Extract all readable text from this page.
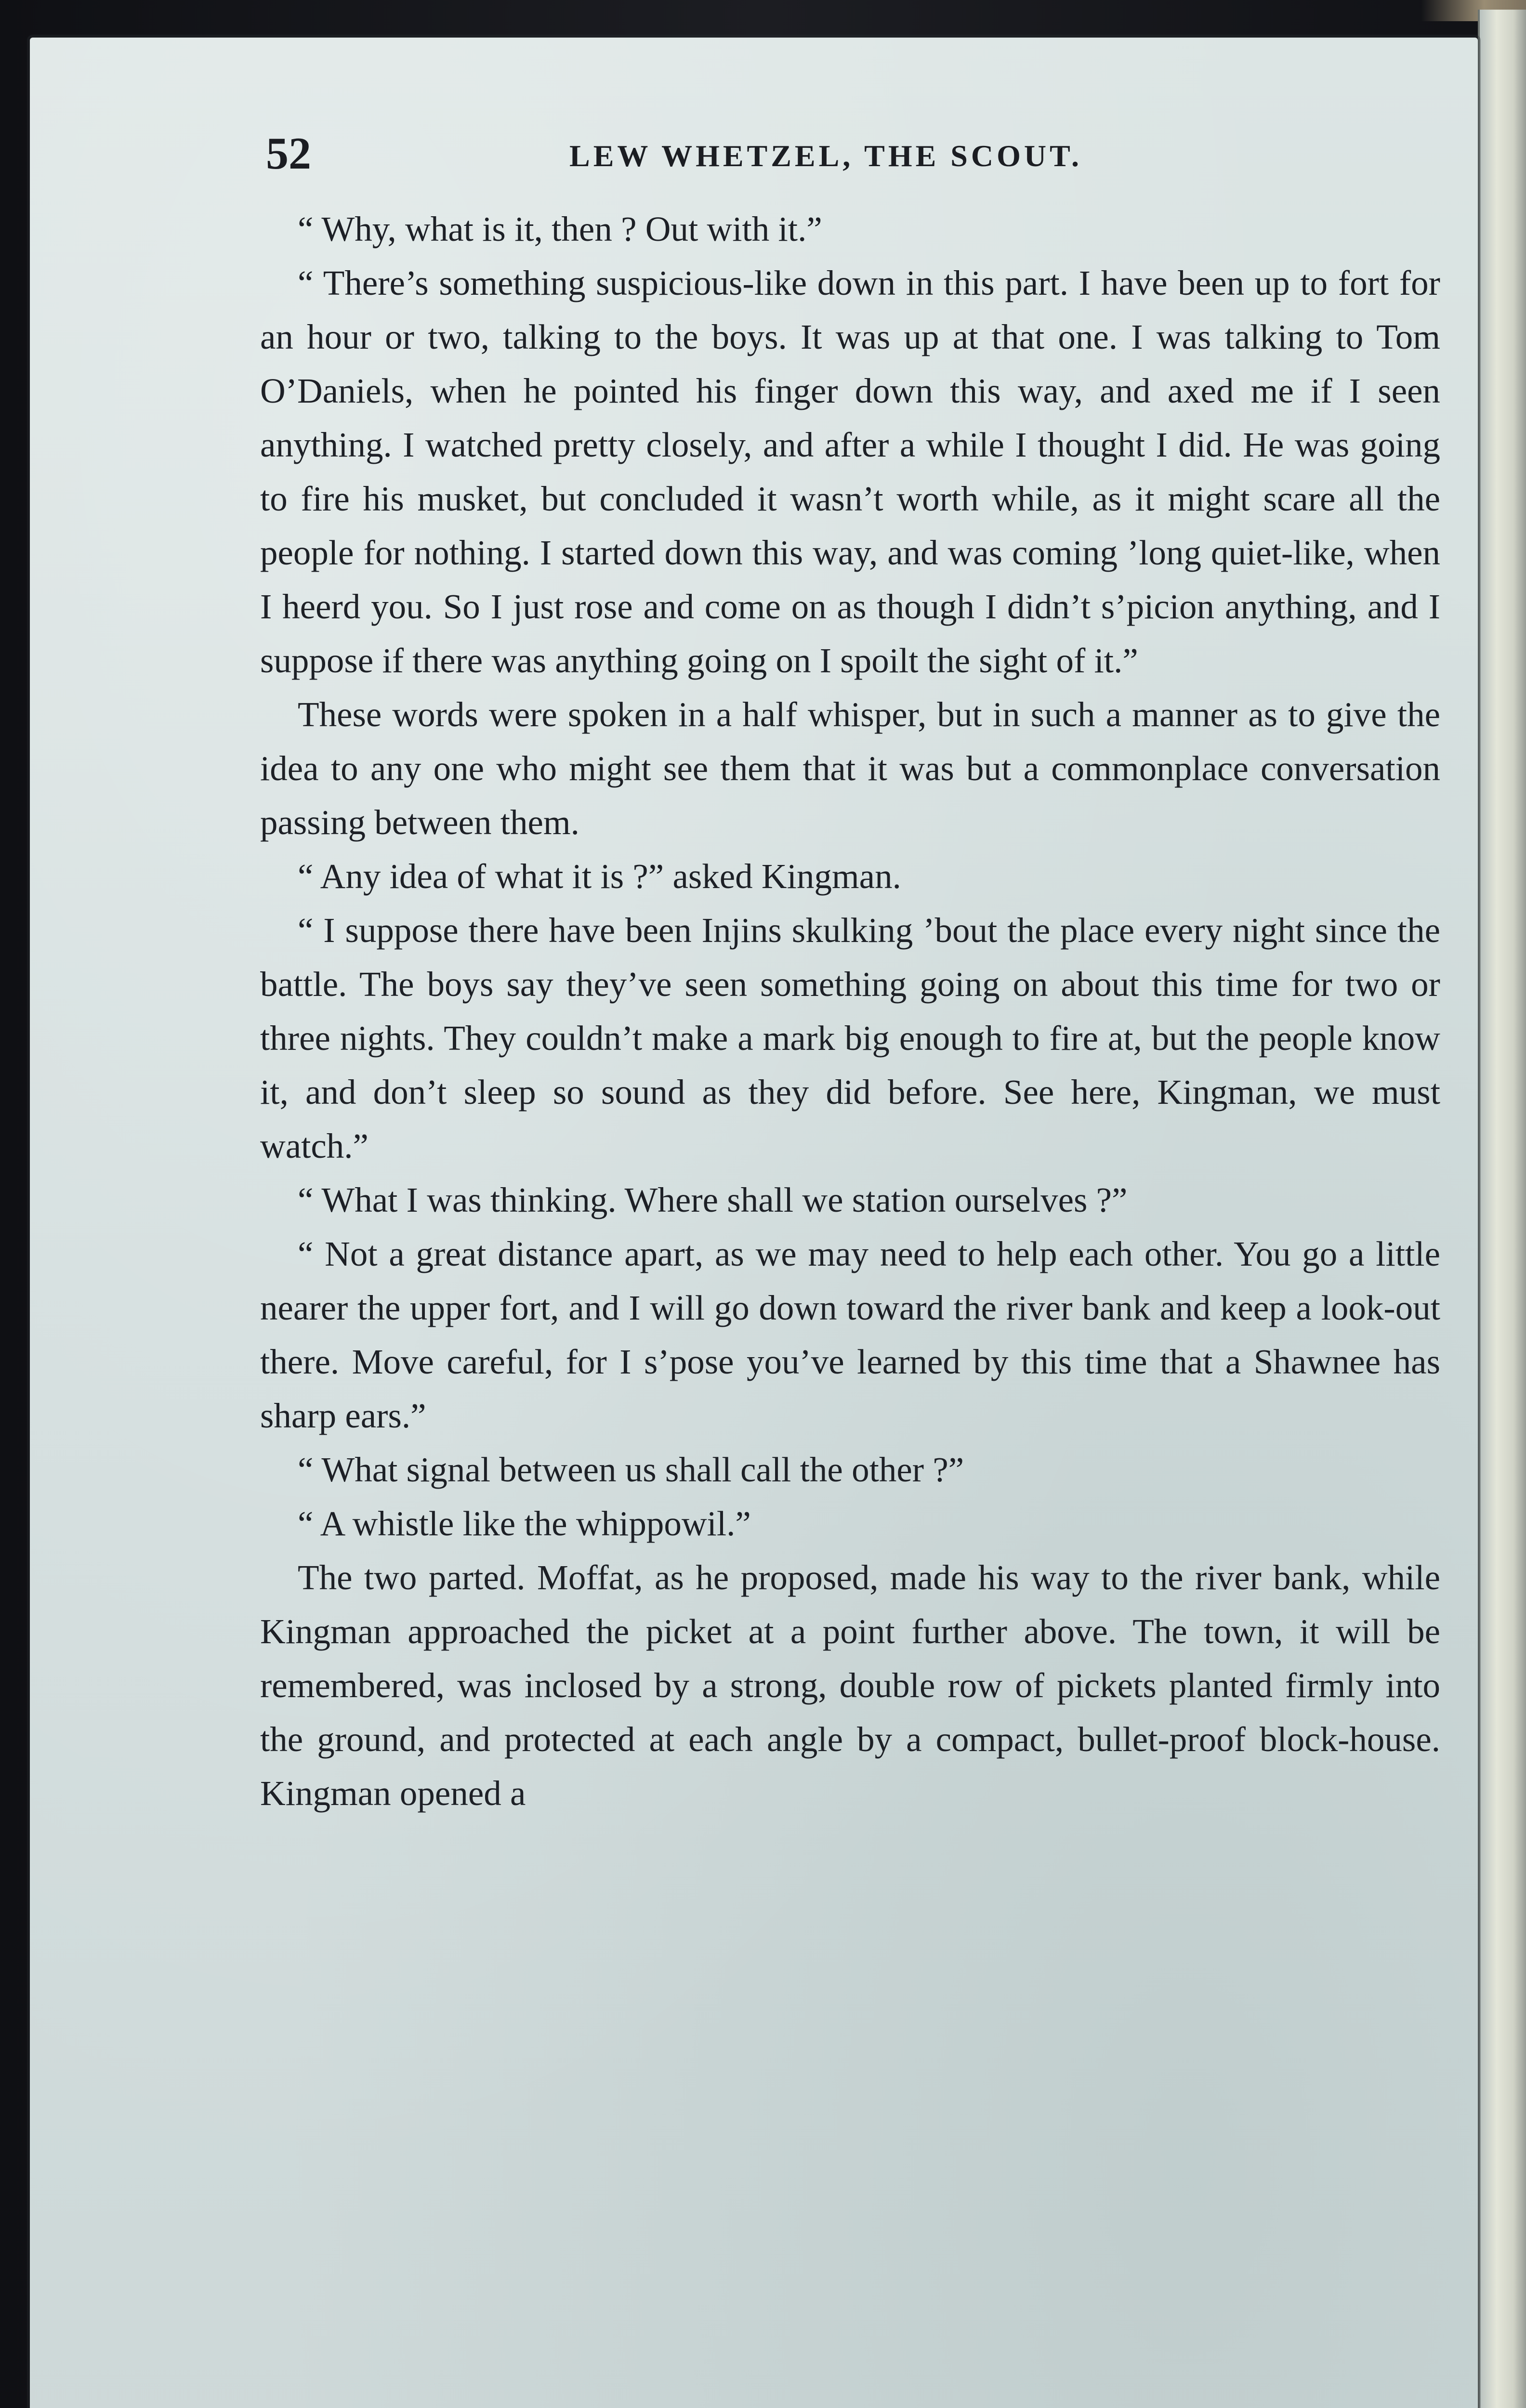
52	LEW WHETZEL, THE SCOUT.

“ Why, what is it, then ? Out with it.”

“ There’s something suspicious-like down in this part. I have been up to fort for an hour or two, talking to the boys. It was up at that one. I was talking to Tom O’Daniels, when he pointed his finger down this way, and axed me if I seen anything. I watched pretty closely, and after a while I thought I did. He was going to fire his musket, but concluded it wasn’t worth while, as it might scare all the people for nothing. I started down this way, and was coming ’long quiet-like, when I heerd you. So I just rose and come on as though I didn’t s’picion anything, and I suppose if there was anything going on I spoilt the sight of it.”

These words were spoken in a half whisper, but in such a manner as to give the idea to any one who might see them that it was but a commonplace conversation passing between them.

“ Any idea of what it is ?” asked Kingman.

“ I suppose there have been Injins skulking ’bout the place every night since the battle. The boys say they’ve seen something going on about this time for two or three nights. They couldn’t make a mark big enough to fire at, but the people know it, and don’t sleep so sound as they did before. See here, Kingman, we must watch.”

“ What I was thinking. Where shall we station ourselves ?”

“ Not a great distance apart, as we may need to help each other. You go a little nearer the upper fort, and I will go down toward the river bank and keep a look-out there. Move careful, for I s’pose you’ve learned by this time that a Shawnee has sharp ears.”

“ What signal between us shall call the other ?”

“ A whistle like the whippowil.”

The two parted. Moffat, as he proposed, made his way to the river bank, while Kingman approached the picket at a point further above. The town, it will be remembered, was inclosed by a strong, double row of pickets planted firmly into the ground, and protected at each angle by a compact, bullet-proof block-house. Kingman opened a
